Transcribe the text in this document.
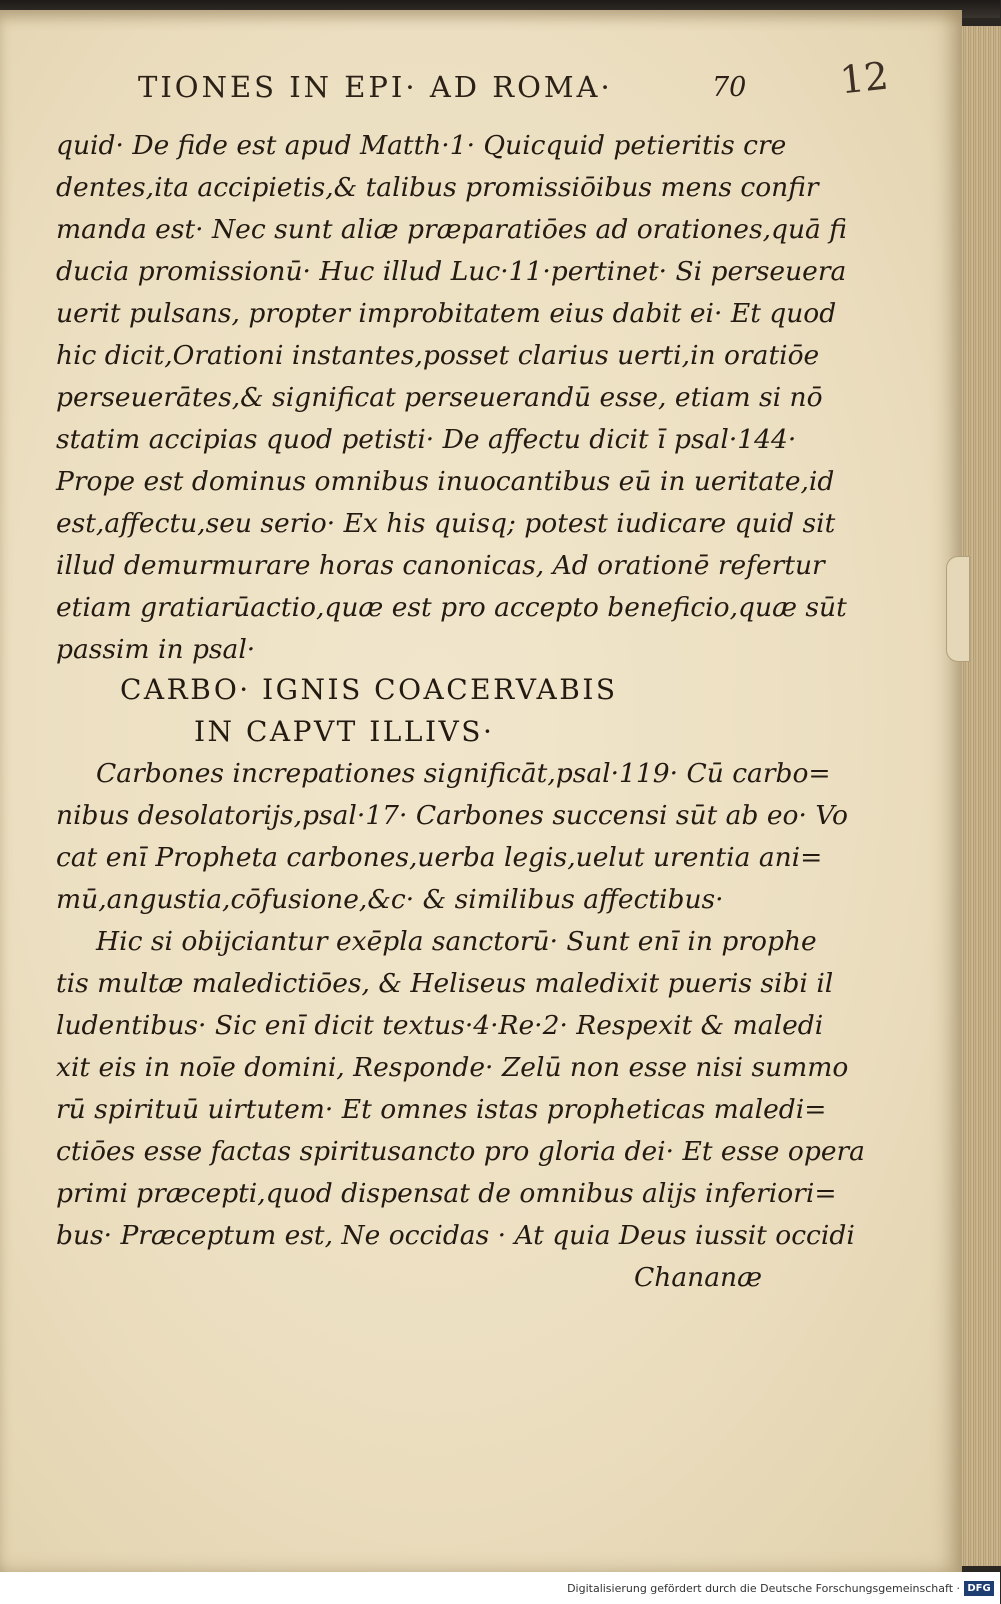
TIONES IN EPI· AD ROMA·	70 12
quid· De fide est apud Matth·1· Quicquid petieritis cre
dentes,ita accipietis,& talibus promissiōibus mens confir
manda est· Nec sunt aliæ præparatiōes ad orationes,quā fi
ducia promissionū· Huc illud Luc·11·pertinet· Si perseuera
uerit pulsans, propter improbitatem eius dabit ei· Et quod
hic dicit,Orationi instantes,posset clarius uerti,in oratiōe
perseuerātes,& significat perseuerandū esse, etiam si nō
statim accipias quod petisti· De affectu dicit ī psal·144·
Prope est dominus omnibus inuocantibus eū in ueritate,id
est,affectu,seu serio· Ex his quisq; potest iudicare quid sit
illud demurmurare horas canonicas, Ad orationē refertur
etiam gratiarūactio,quæ est pro accepto beneficio,quæ sūt
passim in psal·
CARBO· IGNIS COACERVABIS
IN CAPVT ILLIVS·
Carbones increpationes significāt,psal·119· Cū carbo=
nibus desolatorijs,psal·17· Carbones succensi sūt ab eo· Vo
cat enī Propheta carbones,uerba legis,uelut urentia ani=
mū,angustia,cōfusione,&c· & similibus affectibus·
Hic si obijciantur exēpla sanctorū· Sunt enī in prophe
tis multæ maledictiōes, & Heliseus maledixit pueris sibi il
ludentibus· Sic enī dicit textus·4·Re·2· Respexit & maledi
xit eis in noīe domini, Responde· Zelū non esse nisi summo
rū spirituū uirtutem· Et omnes istas propheticas maledi=
ctiōes esse factas spiritusancto pro gloria dei· Et esse opera
primi præcepti,quod dispensat de omnibus alijs inferiori=
bus· Præceptum est, Ne occidas · At quia Deus iussit occidi
Chananæ
Digitalisierung gefördert durch die Deutsche Forschungsgemeinschaft · DFG
